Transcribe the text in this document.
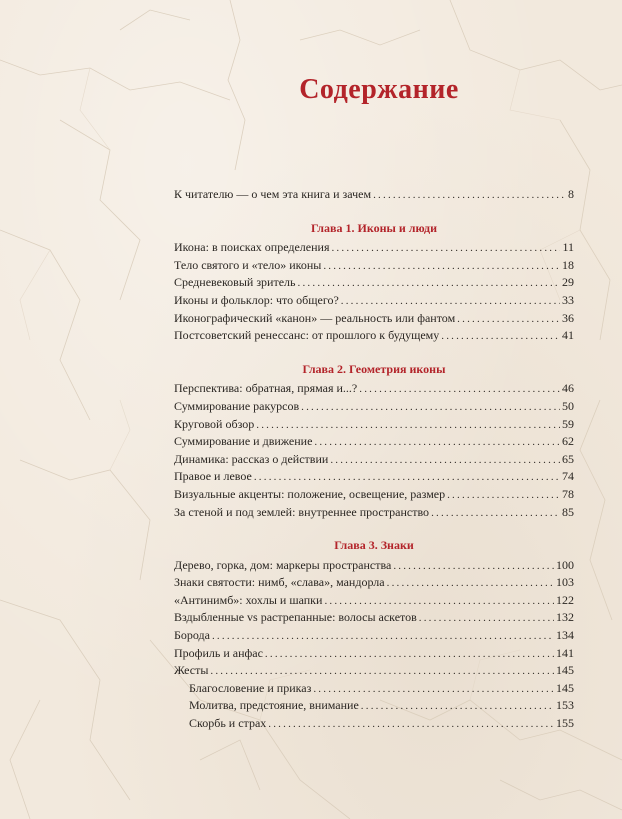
Содержание
К читателю — о чем эта книга и зачем .....	8
Глава 1. Иконы и люди
Икона: в поисках определения .....	11
Тело святого и «тело» иконы .....	18
Средневековый зритель .....	29
Иконы и фольклор: что общего? .....	33
Иконографический «канон» — реальность или фантом .....	36
Постсоветский ренессанс: от прошлого к будущему .....	41
Глава 2. Геометрия иконы
Перспектива: обратная, прямая и...? .....	46
Суммирование ракурсов .....	50
Круговой обзор .....	59
Суммирование и движение .....	62
Динамика: рассказ о действии .....	65
Правое и левое .....	74
Визуальные акценты: положение, освещение, размер .....	78
За стеной и под землей: внутреннее пространство .....	85
Глава 3. Знаки
Дерево, горка, дом: маркеры пространства .....	100
Знаки святости: нимб, «слава», мандорла .....	103
«Антинимб»: хохлы и шапки .....	122
Вздыбленные vs растрепанные: волосы аскетов .....	132
Борода .....	134
Профиль и анфас .....	141
Жесты .....	145
Благословение и приказ .....	145
Молитва, предстояние, внимание .....	153
Скорбь и страх .....	155
